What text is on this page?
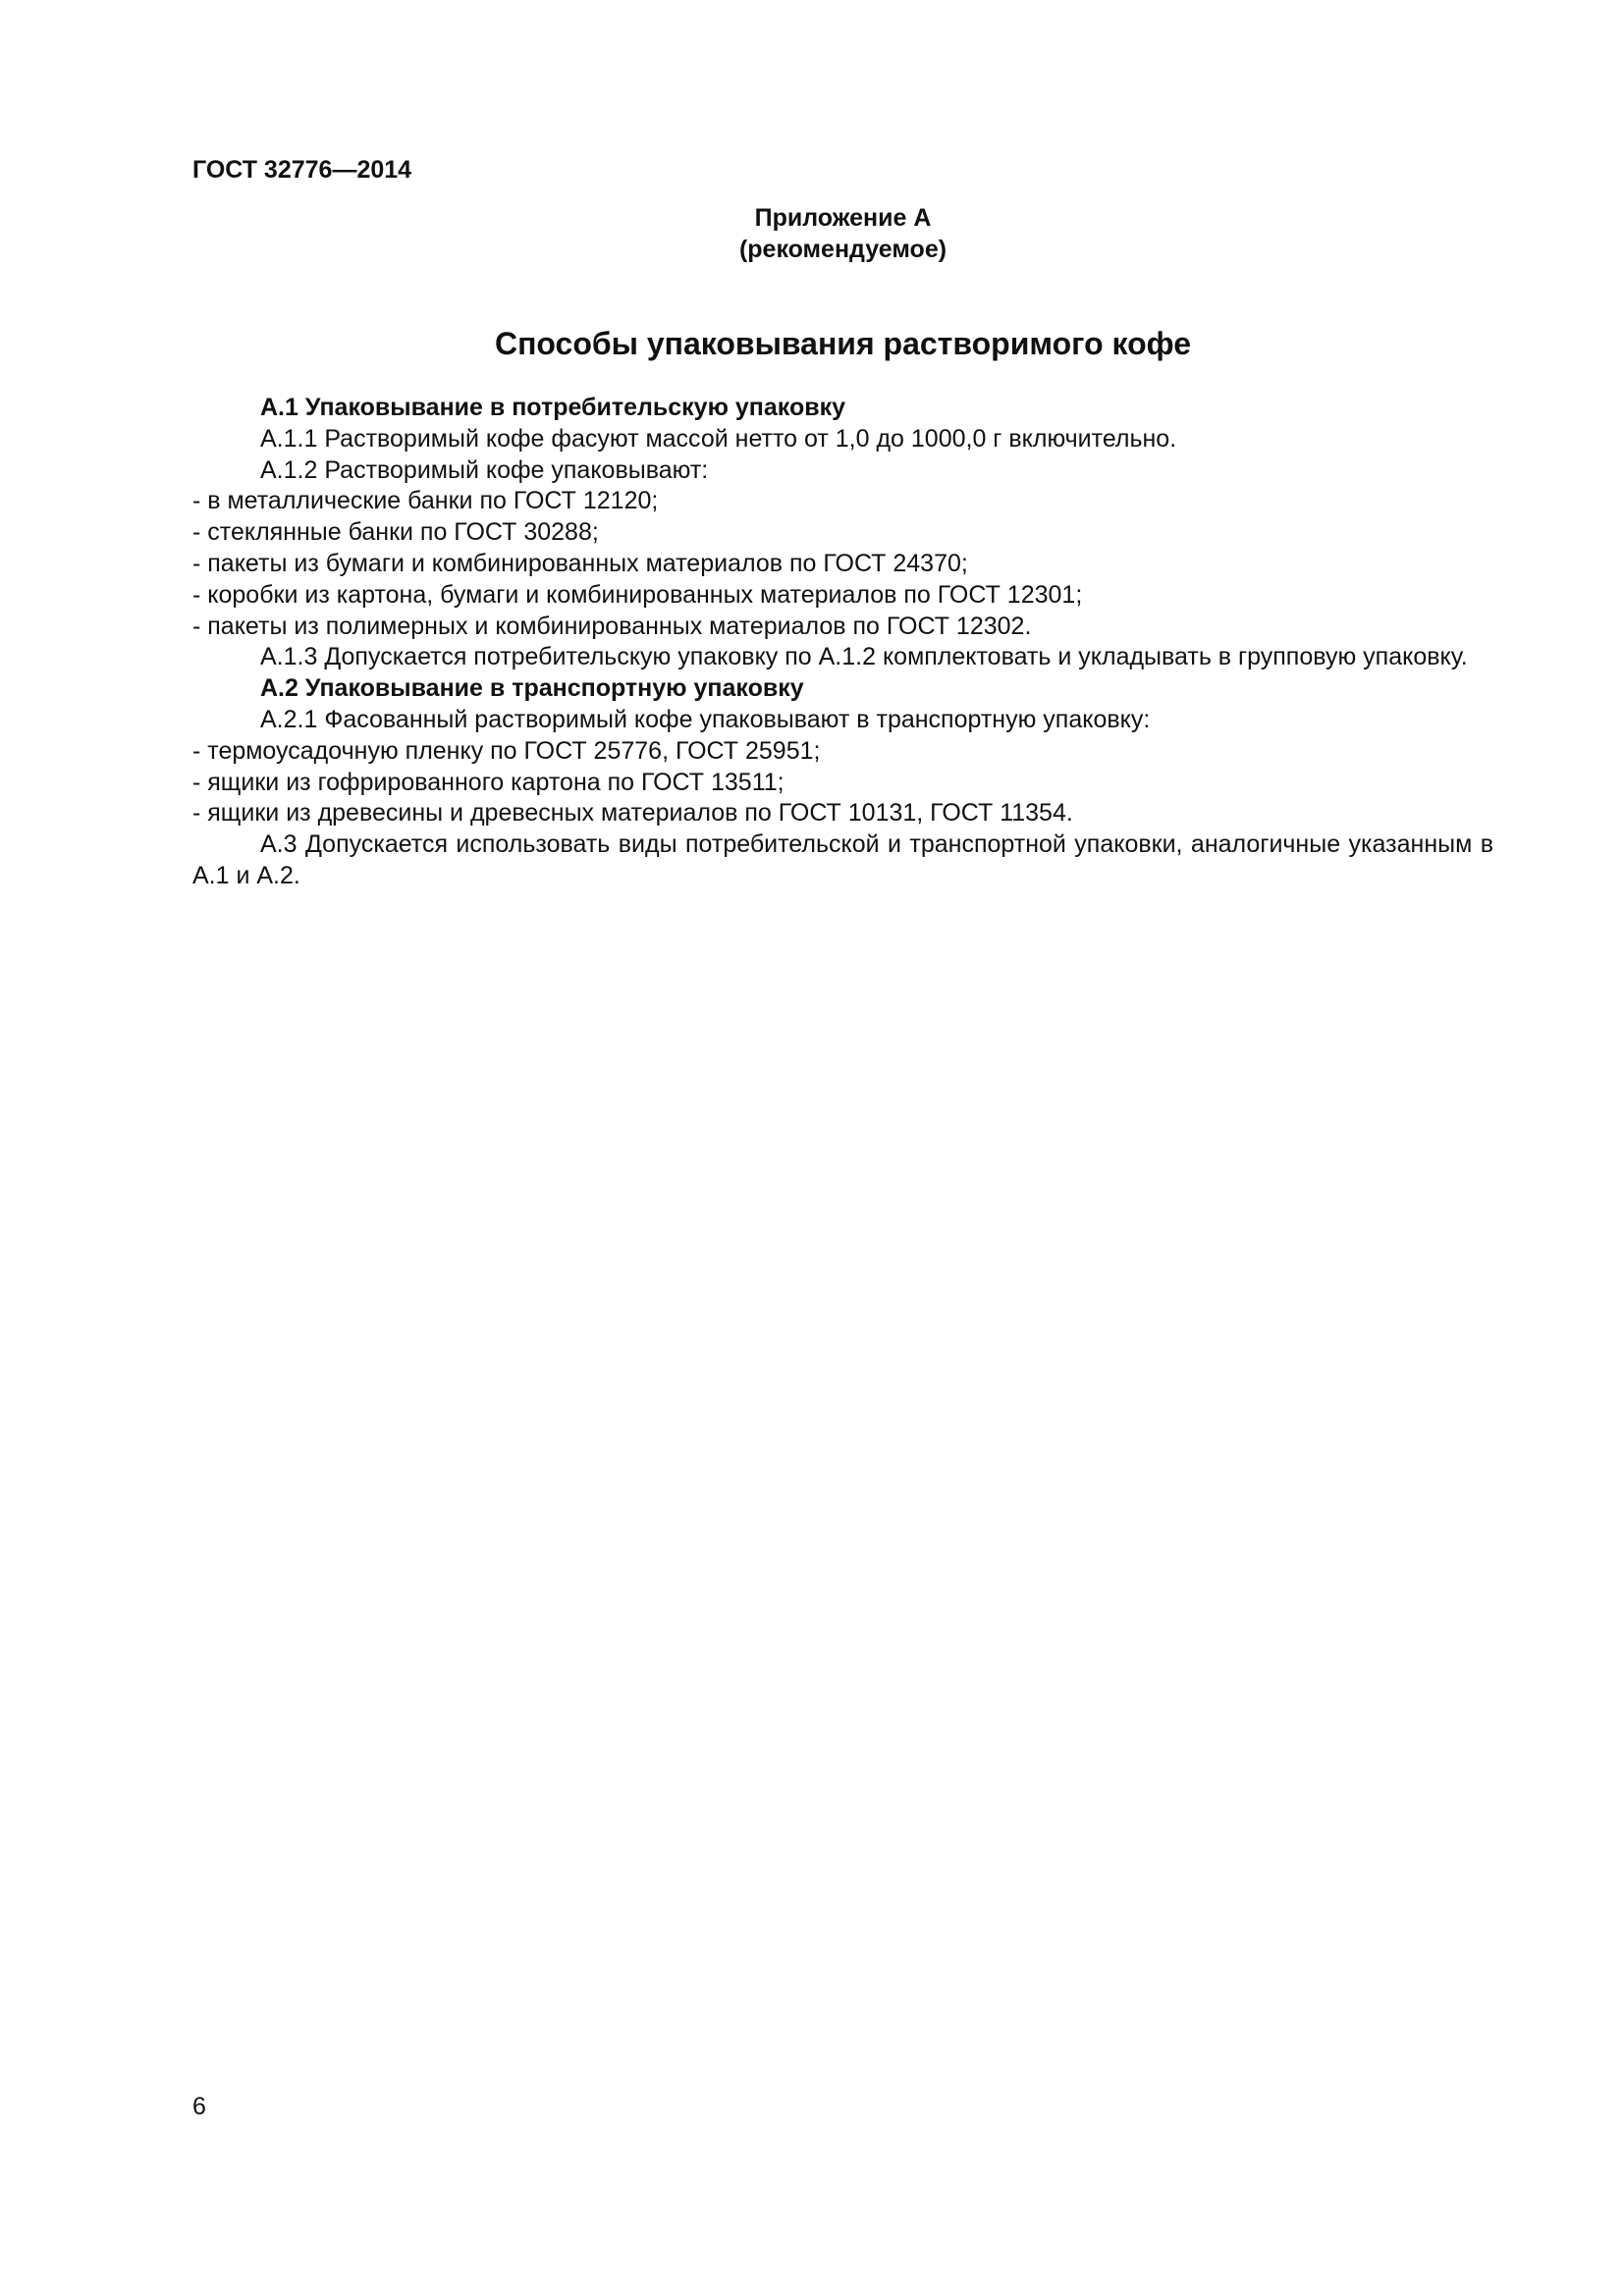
ГОСТ 32776—2014
Приложение А
(рекомендуемое)
Способы упаковывания растворимого кофе

А.1 Упаковывание в потребительскую упаковку

А.1.1 Растворимый кофе фасуют массой нетто от 1,0 до 1000,0 г включительно.

А.1.2 Растворимый кофе упаковывают:

- в металлические банки по ГОСТ 12120;

- стеклянные банки по ГОСТ 30288;

- пакеты из бумаги и комбинированных материалов по ГОСТ 24370;

- коробки из картона, бумаги и комбинированных материалов по ГОСТ 12301;

- пакеты из полимерных и комбинированных материалов по ГОСТ 12302.

А.1.3 Допускается потребительскую упаковку по А.1.2 комплектовать и укладывать в групповую упаковку.

А.2 Упаковывание в транспортную упаковку

А.2.1 Фасованный растворимый кофе упаковывают в транспортную упаковку:

- термоусадочную пленку по ГОСТ 25776, ГОСТ 25951;

- ящики из гофрированного картона по ГОСТ 13511;

- ящики из древесины и древесных материалов по ГОСТ 10131, ГОСТ 11354.

А.3 Допускается использовать виды потребительской и транспортной упаковки, аналогичные указанным в А.1 и А.2.

6
